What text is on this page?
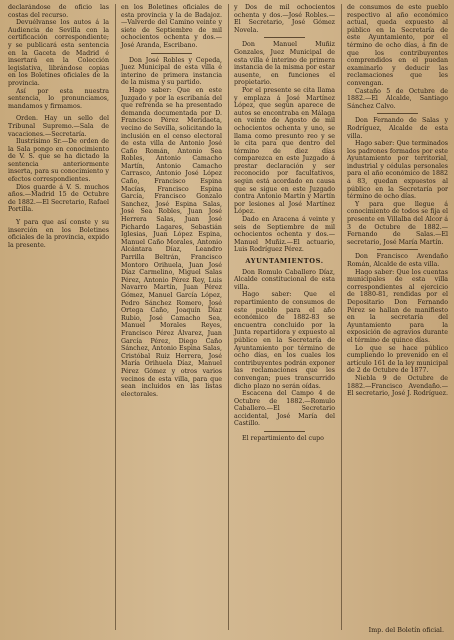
declarándose de oficio las costas del recurso.

Devuélvanse los autos á la Audiencia de Sevilla con la certificación correspondiente; y se publicará esta sentencia en la Gaceta de Madrid é insertará en la Colección legislativa, librándose copias en los Boletines oficiales de la provincia.

Así por esta nuestra sentencia, lo pronunciamos, mandamos y firmamos.

Orden. Hay un sello del Tribunal Supremo.—Sala de vacaciones.—Secretaría.

Ilustrísimo Sr.—De orden de la Sala pongo en conocimiento de V. S. que se ha dictado la sentencia anteriormente inserta, para su conocimiento y efectos correspondientes.

Dios guarde á V. S. muchos años.—Madrid 15 de Octubre de 1882.—El Secretario, Rafael Portilla.

Y para que así conste y su inserción en los Boletines oficiales de la provincia, expido la presente.

en los Boletines oficiales de esta provincia y la de Badajoz.—Valverde del Camino veinte y siete de Septiembre de mil ochocientos ochenta y dos.—José Aranda, Escribano.

Don José Robles y Cepeda, Juez Municipal de esta villa é interino de primera instancia de la misma y su partido.

Hago saber: Que en este Juzgado y por la escribanía del que refrenda se ha presentado demanda documentada por D. Francisco Pérez Meridaeta, vecino de Sevilla, solicitando la inclusión en el censo electoral de esta villa de Antonio José Caño Román, Antonio Sea Robles, Antonio Camacho Martín, Antonio Camacho Carrasco, Antonio José López Caño, Francisco Espina Macías, Francisco Espina García, Francisco Gonzalo Sanchez, José Espina Salas, José Sea Robles, Juan José Herrera Salas, Juan José Pichardo Lagares, Sebastián Iglesias, Juan López Espina, Manuel Caño Morales, Antonio Alcántara Díaz, Leandro Parrilla Beltrán, Francisco Montoro Orihuela, Juan José Díaz Carmelino, Miguel Salas Pérez, Antonio Pérez Rey, Luis Navarro Martín, Juan Pérez Gómez, Manuel García López, Pedro Sánchez Romero, José Ortega Caño, Joaquín Díaz Rubio, José Camacho Sea, Manuel Morales Reyes, Francisco Pérez Álvarez, Juan García Pérez, Diego Caño Sánchez, Antonio Espina Salas, Cristóbal Ruiz Herrera, José María Orihuela Díaz, Manuel Pérez Gómez y otros varios vecinos de esta villa, para que sean incluidos en las listas electorales.

y Dos de mil ochocientos ochenta y dos.—José Robles.—El Secretario, José Gómez Novela.

Don Manuel Muñiz Gonzales, Juez Municipal de esta villa é interino de primera instancia de la misma por estar ausente, en funciones el propietario.

Por el presente se cita llama y emplaza á José Martínez López, que según aparece de autos se encontraba en Málaga en veinte de Agosto de mil ochocientos ochenta y uno, se llama como presunto reo y se le cita para que dentro del término de diez días comparezca en este Juzgado á prestar declaración y ser reconocido por facultativos, según está acordado en causa que se sigue en este Juzgado contra Antonio Martín y Martín por lesiones al José Martínez López.

Dado en Aracena á veinte y seis de Septiembre de mil ochocientos ochenta y dos.—Manuel Muñiz.—El actuario, Luis Rodríguez Pérez.

AYUNTAMIENTOS.

Don Romulo Caballero Díaz, Alcalde constitucional de esta villa.

Hago saber: Que el repartimiento de consumos de este pueblo para el año económico de 1882-83 se encuentra concluido por la Junta repartidora y expuesto al público en la Secretaría de Ayuntamiento por término de ocho días, en los cuales los contribuyentes podrán exponer las reclamaciones que les convengan; pues transcurrido dicho plazo no serán oídas.

Escacena del Campo 4 de Octubre de 1882.—Romulo Caballero.—El Secretario accidental, José María del Castillo.

El repartimiento del cupo

de consumos de este pueblo respectivo al año económico actual, queda expuesto al público en la Secretaría de este Ayuntamiento, por el término de ocho días, á fin de que los contribuyentes comprendidos en el puedan examinarlo y deducir las reclamaciones que les convengan.

Castaño 5 de Octubre de 1882.—El Alcalde, Santiago Sánchez Calvo.

Don Fernando de Salas y Rodríguez, Alcalde de esta villa.

Hago saber: Que terminados los padrones formados por este Ayuntamiento por territorial, industrial y cédulas personales para el año económico de 1882 á 83, quedan expuestos al público en la Secretaría por término de ocho días.

Y para que llegue á conocimiento de todos se fija el presente en Villalba del Alcor á 3 de Octubre de 1882.—Fernando de Salas.—El secretario, José María Martín.

Don Francisco Avendaño Román, Alcalde de esta villa.

Hago saber: Que los cuentas municipales de esta villa correspondientes al ejercicio de 1880-81, rendidas por el Depositario Don Fernando Pérez se hallan de manifiesto en la secretaría del Ayuntamiento para la exposición de agravios durante el término de quince días.

Lo que se hace público cumpliendo lo prevenido en el artículo 161 de la ley municipal de 2 de Octubre de 1877.

Niebla 9 de Octubre de 1882.—Francisco Avendaño.—El secretario, José J. Rodríguez.

Imp. del Boletín oficial.
